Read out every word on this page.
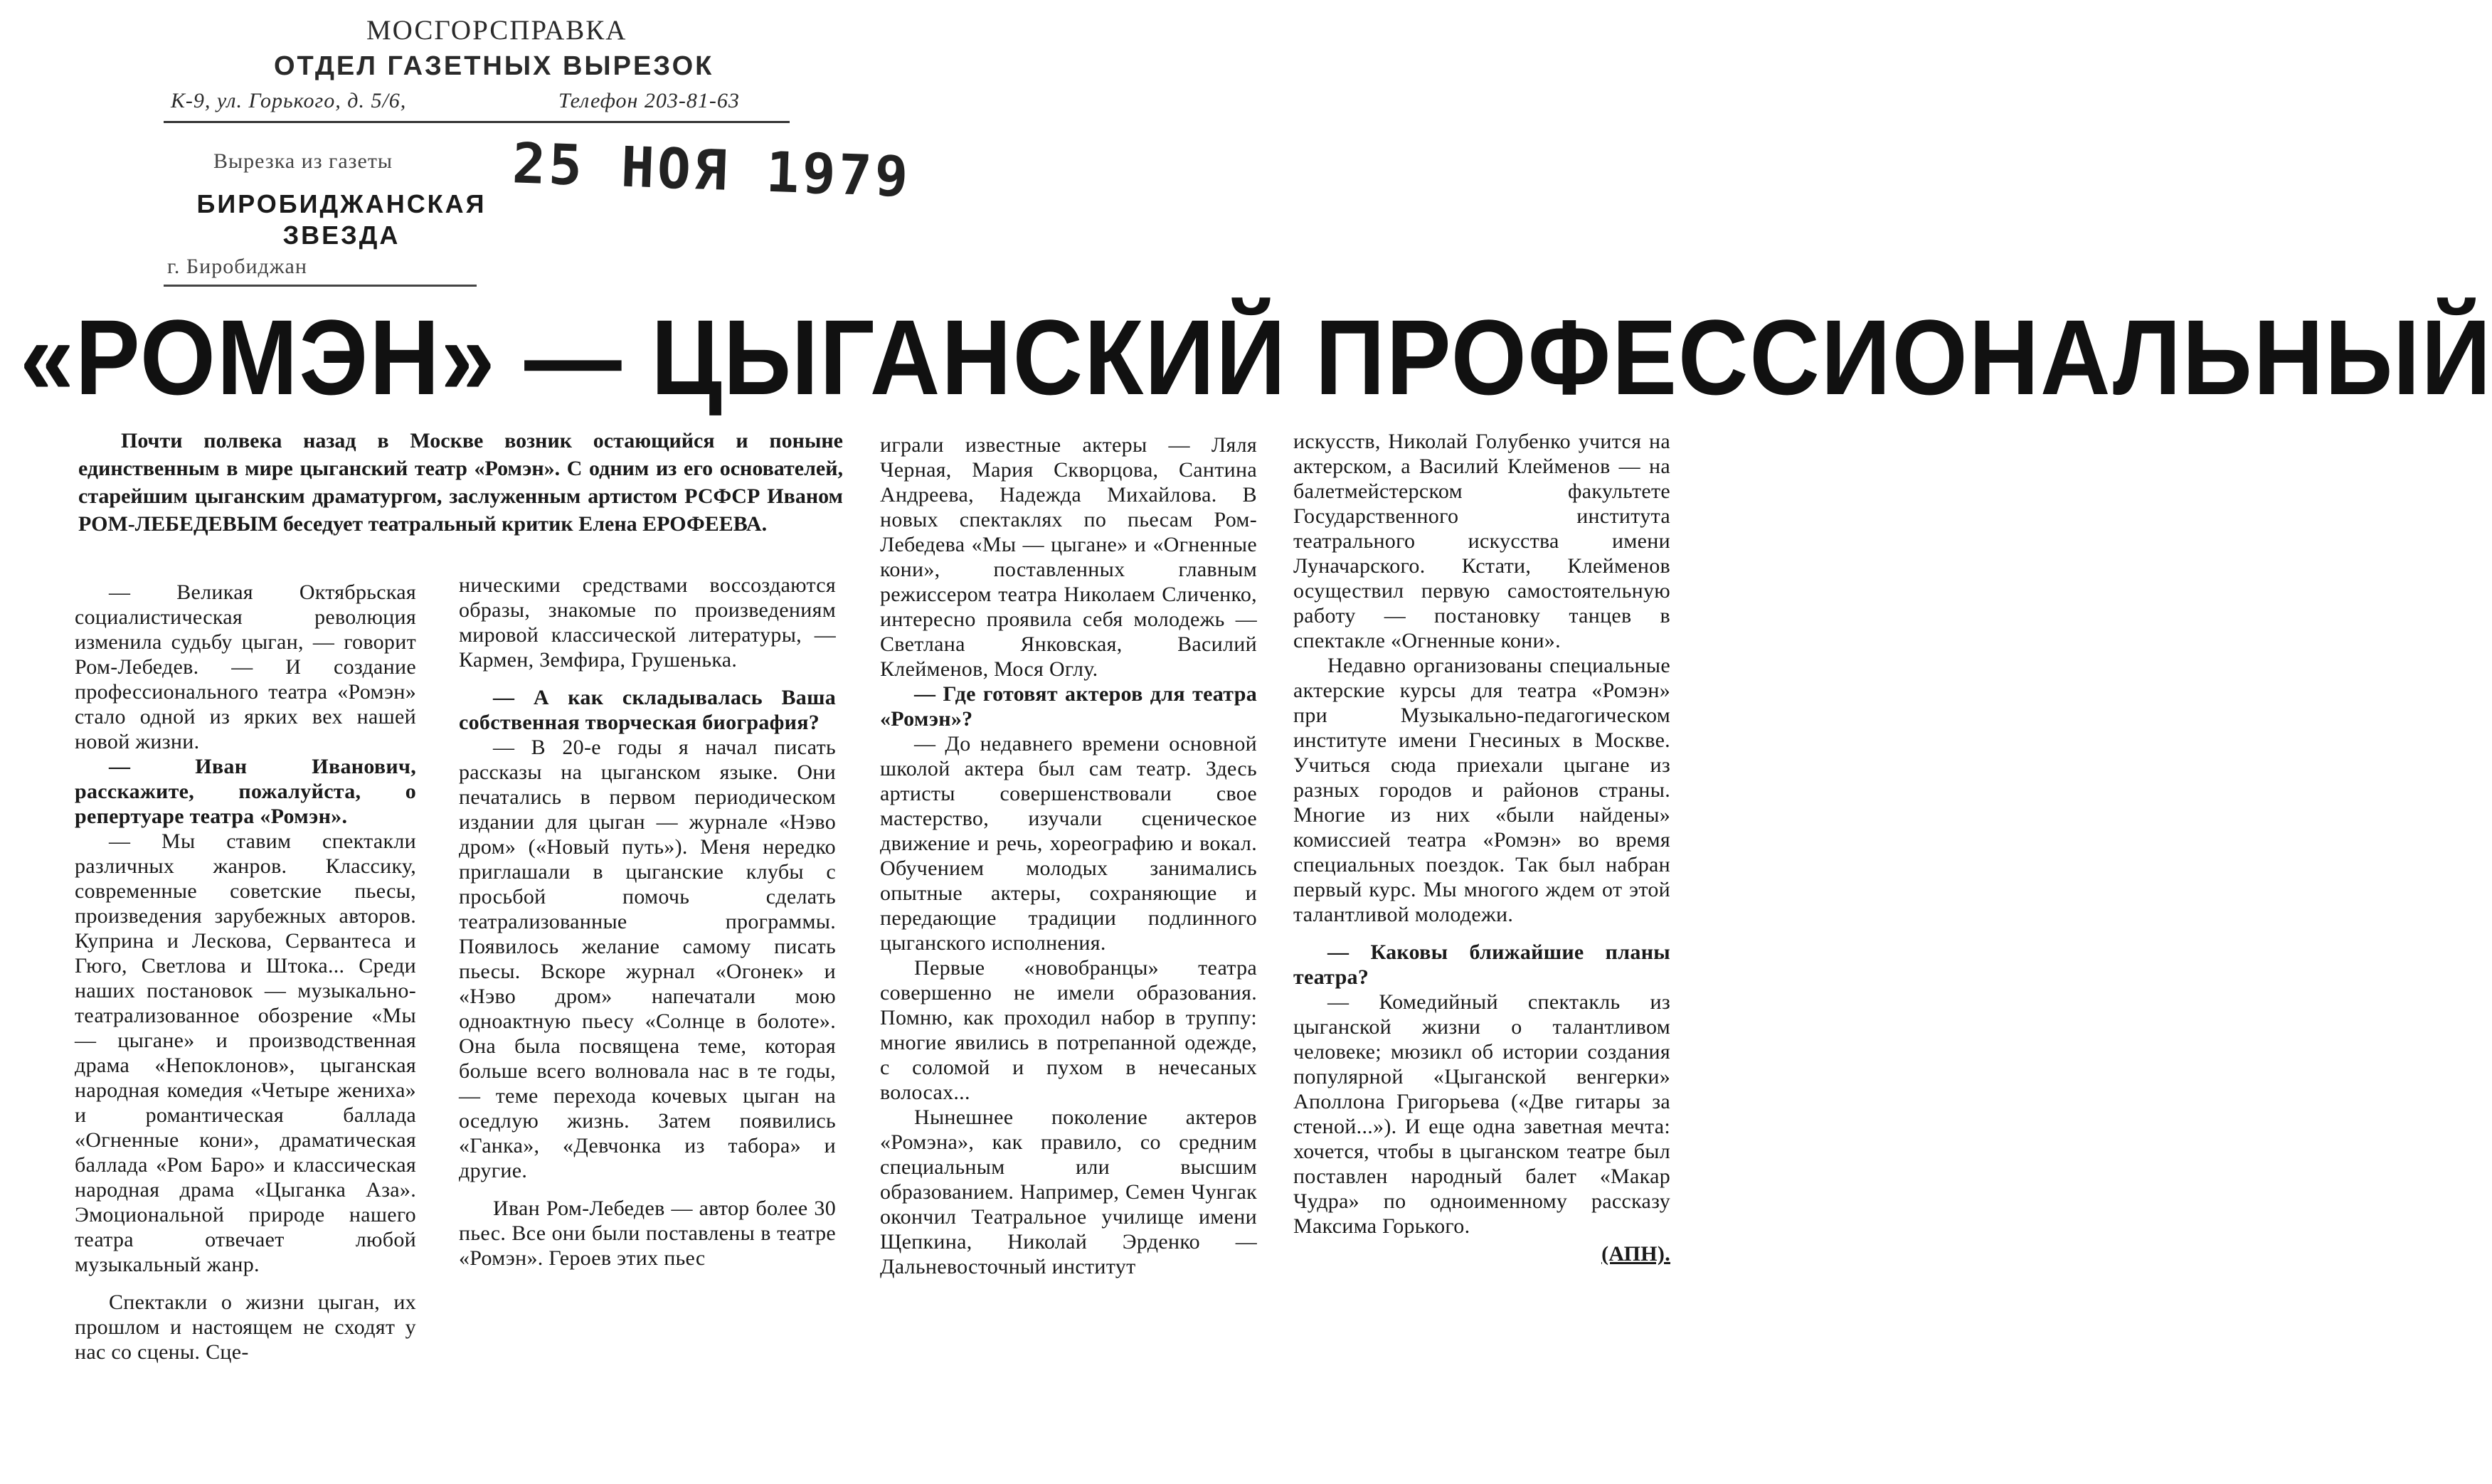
МОСГОРСПРАВКА
ОТДЕЛ ГАЗЕТНЫХ ВЫРЕЗОК
К-9, ул. Горького, д. 5/6,	Телефон 203-81-63
Вырезка из газеты
БИРОБИДЖАНСКАЯ ЗВЕЗДА
г. Биробиджан
25 НОЯ 1979
«РОМЭН» — ЦЫГАНСКИЙ ПРОФЕССИОНАЛЬНЫЙ
Почти полвека назад в Москве возник остающийся и поныне единственным в мире цыганский театр «Ромэн». С одним из его основателей, старейшим цыганским драматургом, заслуженным артистом РСФСР Иваном РОМ-ЛЕБЕДЕВЫМ беседует театральный критик Елена ЕРОФЕЕВА.

— Великая Октябрьская социалистическая революция изменила судьбу цыган, — говорит Ром-Лебедев. — И создание профессионального театра «Ромэн» стало одной из ярких вех нашей новой жизни.

— Иван Иванович, расскажите, пожалуйста, о репертуаре театра «Ромэн».

— Мы ставим спектакли различных жанров. Классику, современные советские пьесы, произведения зарубежных авторов. Куприна и Лескова, Сервантеса и Гюго, Светлова и Штока... Среди наших постановок — музыкально-театрализованное обозрение «Мы — цыгане» и производственная драма «Непоклонов», цыганская народная комедия «Четыре жениха» и романтическая баллада «Огненные кони», драматическая баллада «Ром Баро» и классическая народная драма «Цыганка Аза». Эмоциональной природе нашего театра отвечает любой музыкальный жанр.

Спектакли о жизни цыган, их прошлом и настоящем не сходят у нас со сцены. Сце-

ническими средствами воссоздаются образы, знакомые по произведениям мировой классической литературы, — Кармен, Земфира, Грушенька.

— А как складывалась Ваша собственная творческая биография?

— В 20-е годы я начал писать рассказы на цыганском языке. Они печатались в первом периодическом издании для цыган — журнале «Нэво дром» («Новый путь»). Меня нередко приглашали в цыганские клубы с просьбой помочь сделать театрализованные программы. Появилось желание самому писать пьесы. Вскоре журнал «Огонек» и «Нэво дром» напечатали мою одноактную пьесу «Солнце в болоте». Она была посвящена теме, которая больше всего волновала нас в те годы, — теме перехода кочевых цыган на оседлую жизнь. Затем появились «Ганка», «Девчонка из табора» и другие.

Иван Ром-Лебедев — автор более 30 пьес. Все они были поставлены в театре «Ромэн». Героев этих пьес

играли известные актеры — Ляля Черная, Мария Скворцова, Сантина Андреева, Надежда Михайлова. В новых спектаклях по пьесам Ром-Лебедева «Мы — цыгане» и «Огненные кони», поставленных главным режиссером театра Николаем Сличенко, интересно проявила себя молодежь — Светлана Янковская, Василий Клейменов, Мося Оглу.

— Где готовят актеров для театра «Ромэн»?

— До недавнего времени основной школой актера был сам театр. Здесь артисты совершенствовали свое мастерство, изучали сценическое движение и речь, хореографию и вокал. Обучением молодых занимались опытные актеры, сохраняющие и передающие традиции подлинного цыганского исполнения.

Первые «новобранцы» театра совершенно не имели образования. Помню, как проходил набор в труппу: многие явились в потрепанной одежде, с соломой и пухом в нечесаных волосах...

Нынешнее поколение актеров «Ромэна», как правило, со средним специальным или высшим образованием. Например, Семен Чунгак окончил Театральное училище имени Щепкина, Николай Эрденко — Дальневосточный институт

искусств, Николай Голубенко учится на актерском, а Василий Клейменов — на балетмейстерском факультете Государственного института театрального искусства имени Луначарского. Кстати, Клейменов осуществил первую самостоятельную работу — постановку танцев в спектакле «Огненные кони».

Недавно организованы специальные актерские курсы для театра «Ромэн» при Музыкально-педагогическом институте имени Гнесиных в Москве. Учиться сюда приехали цыгане из разных городов и районов страны. Многие из них «были найдены» комиссией театра «Ромэн» во время специальных поездок. Так был набран первый курс. Мы многого ждем от этой талантливой молодежи.

— Каковы ближайшие планы театра?

— Комедийный спектакль из цыганской жизни о талантливом человеке; мюзикл об истории создания популярной «Цыганской венгерки» Аполлона Григорьева («Две гитары за стеной...»). И еще одна заветная мечта: хочется, чтобы в цыганском театре был поставлен народный балет «Макар Чудра» по одноименному рассказу Максима Горького.

(АПН).
